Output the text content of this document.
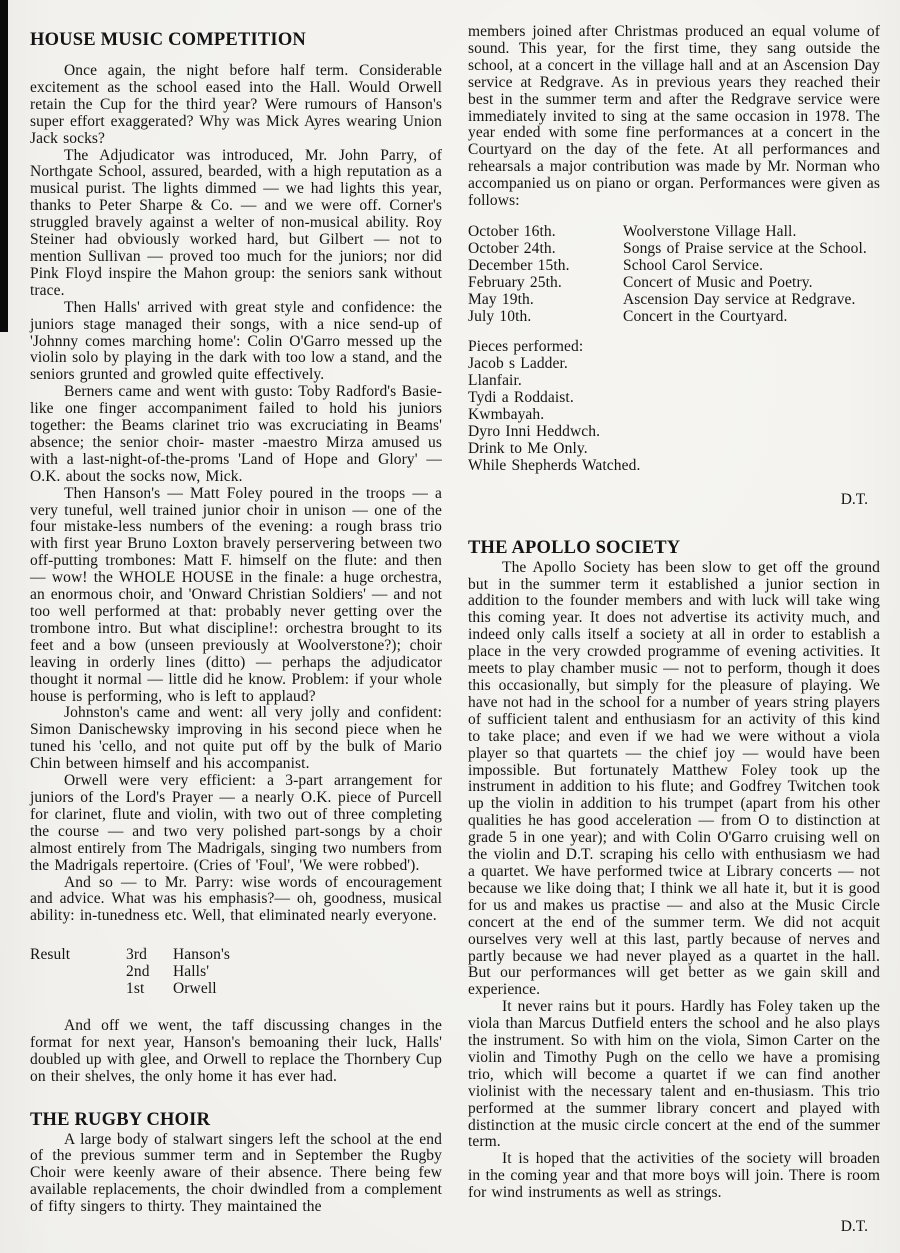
HOUSE MUSIC COMPETITION

Once again, the night before half term. Considerable excitement as the school eased into the Hall. Would Orwell retain the Cup for the third year? Were rumours of Hanson's super effort exaggerated? Why was Mick Ayres wearing Union Jack socks?

The Adjudicator was introduced, Mr. John Parry, of Northgate School, assured, bearded, with a high reputation as a musical purist. The lights dimmed — we had lights this year, thanks to Peter Sharpe & Co. — and we were off. Corner's struggled bravely against a welter of non-musical ability. Roy Steiner had obviously worked hard, but Gilbert — not to mention Sullivan — proved too much for the juniors; nor did Pink Floyd inspire the Mahon group: the seniors sank without trace.

Then Halls' arrived with great style and confidence: the juniors stage managed their songs, with a nice send-up of 'Johnny comes marching home': Colin O'Garro messed up the violin solo by playing in the dark with too low a stand, and the seniors grunted and growled quite effectively.

Berners came and went with gusto: Toby Radford's Basie-like one finger accompaniment failed to hold his juniors together: the Beams clarinet trio was excruciating in Beams' absence; the senior choir- master -maestro Mirza amused us with a last-night-of-the-proms 'Land of Hope and Glory' — O.K. about the socks now, Mick.

Then Hanson's — Matt Foley poured in the troops — a very tuneful, well trained junior choir in unison — one of the four mistake-less numbers of the evening: a rough brass trio with first year Bruno Loxton bravely perservering between two off-putting trombones: Matt F. himself on the flute: and then — wow! the WHOLE HOUSE in the finale: a huge orchestra, an enormous choir, and 'Onward Christian Soldiers' — and not too well performed at that: probably never getting over the trombone intro. But what discipline!: orchestra brought to its feet and a bow (unseen previously at Woolverstone?); choir leaving in orderly lines (ditto) — perhaps the adjudicator thought it normal — little did he know. Problem: if your whole house is performing, who is left to applaud?

Johnston's came and went: all very jolly and confident: Simon Danischewsky improving in his second piece when he tuned his 'cello, and not quite put off by the bulk of Mario Chin between himself and his accompanist.

Orwell were very efficient: a 3-part arrangement for juniors of the Lord's Prayer — a nearly O.K. piece of Purcell for clarinet, flute and violin, with two out of three completing the course — and two very polished part-songs by a choir almost entirely from The Madrigals, singing two numbers from the Madrigals repertoire. (Cries of 'Foul', 'We were robbed').

And so — to Mr. Parry: wise words of encouragement and advice. What was his emphasis?— oh, goodness, musical ability: in-tunedness etc. Well, that eliminated nearly everyone.

Result	3rd	Hanson's
2nd	Halls'
1st	Orwell

And off we went, the taff discussing changes in the format for next year, Hanson's bemoaning their luck, Halls' doubled up with glee, and Orwell to replace the Thornbery Cup on their shelves, the only home it has ever had.

THE RUGBY CHOIR

A large body of stalwart singers left the school at the end of the previous summer term and in September the Rugby Choir were keenly aware of their absence. There being few available replacements, the choir dwindled from a complement of fifty singers to thirty. They maintained the

members joined after Christmas produced an equal volume of sound. This year, for the first time, they sang outside the school, at a concert in the village hall and at an Ascension Day service at Redgrave. As in previous years they reached their best in the summer term and after the Redgrave service were immediately invited to sing at the same occasion in 1978. The year ended with some fine performances at a concert in the Courtyard on the day of the fete. At all performances and rehearsals a major contribution was made by Mr. Norman who accompanied us on piano or organ. Performances were given as follows:

October 16th.	Woolverstone Village Hall.
October 24th.	Songs of Praise service at the School.
December 15th.	School Carol Service.
February 25th.	Concert of Music and Poetry.
May 19th.	Ascension Day service at Redgrave.
July 10th.	Concert in the Courtyard.
Pieces performed:
Jacob s Ladder.
Llanfair.
Tydi a Roddaist.
Kwmbayah.
Dyro Inni Heddwch.
Drink to Me Only.
While Shepherds Watched.
D.T.
THE APOLLO SOCIETY

The Apollo Society has been slow to get off the ground but in the summer term it established a junior section in addition to the founder members and with luck will take wing this coming year. It does not advertise its activity much, and indeed only calls itself a society at all in order to establish a place in the very crowded programme of evening activities. It meets to play chamber music — not to perform, though it does this occasionally, but simply for the pleasure of playing. We have not had in the school for a number of years string players of sufficient talent and enthusiasm for an activity of this kind to take place; and even if we had we were without a viola player so that quartets — the chief joy — would have been impossible. But fortunately Matthew Foley took up the instrument in addition to his flute; and Godfrey Twitchen took up the violin in addition to his trumpet (apart from his other qualities he has good acceleration — from O to distinction at grade 5 in one year); and with Colin O'Garro cruising well on the violin and D.T. scraping his cello with enthusiasm we had a quartet. We have performed twice at Library concerts — not because we like doing that; I think we all hate it, but it is good for us and makes us practise — and also at the Music Circle concert at the end of the summer term. We did not acquit ourselves very well at this last, partly because of nerves and partly because we had never played as a quartet in the hall. But our performances will get better as we gain skill and experience.

It never rains but it pours. Hardly has Foley taken up the viola than Marcus Dutfield enters the school and he also plays the instrument. So with him on the viola, Simon Carter on the violin and Timothy Pugh on the cello we have a promising trio, which will become a quartet if we can find another violinist with the necessary talent and en-thusiasm. This trio performed at the summer library concert and played with distinction at the music circle concert at the end of the summer term.

It is hoped that the activities of the society will broaden in the coming year and that more boys will join. There is room for wind instruments as well as strings.

D.T.
